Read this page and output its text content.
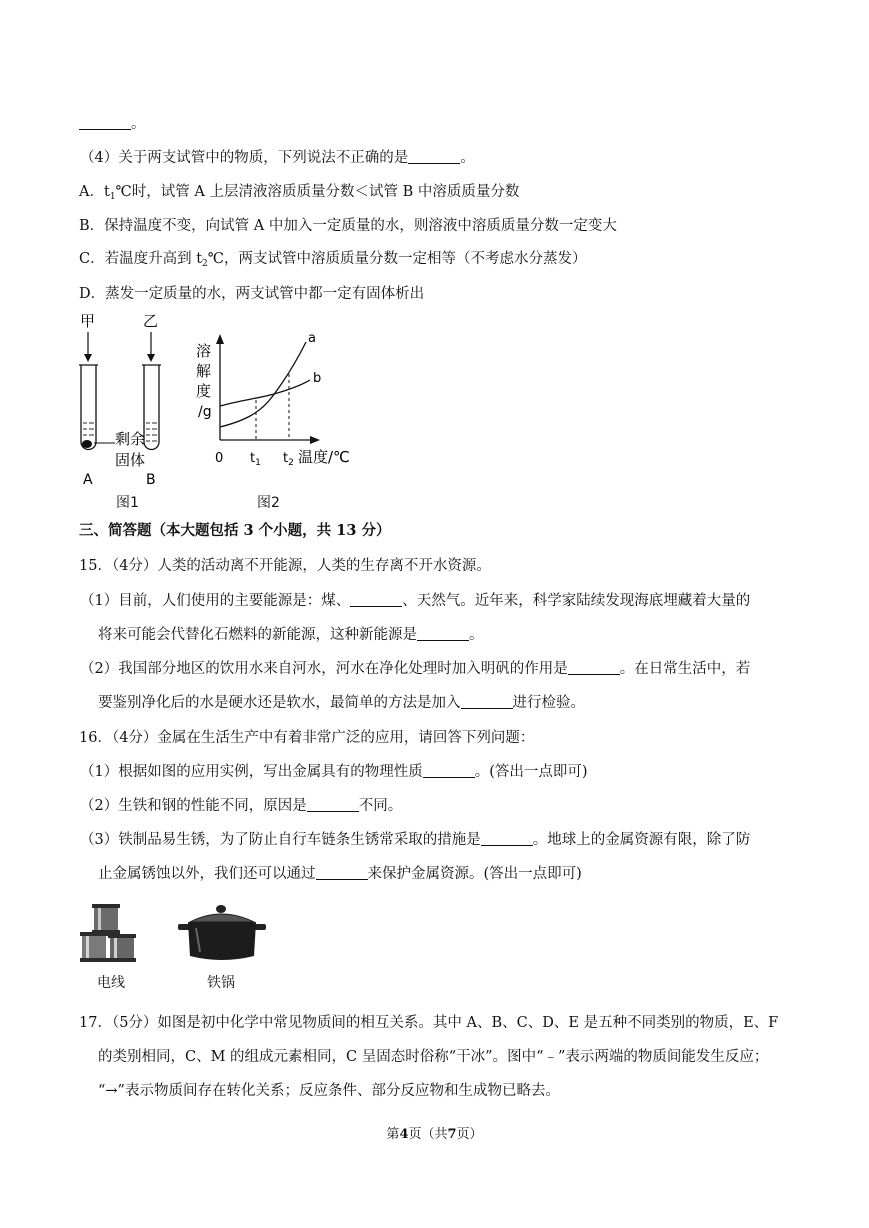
。
（4）关于两支试管中的物质，下列说法不正确的是	。
A．$t_1℃$时，试管 A 上层清液溶质质量分数＜试管 B 中溶质质量分数
B．保持温度不变，向试管 A 中加入一定质量的水，则溶液中溶质质量分数一定变大
C．若温度升高到 $t_2℃$，两支试管中溶质质量分数一定相等（不考虑水分蒸发）
D．蒸发一定质量的水，两支试管中都一定有固体析出
甲	乙
剩余
固体
A	B
图1
溶
解
度
/g
a
b
0 $t_1$ $t_2$ 温度/℃
图2
三、简答题（本大题包括 3 个小题，共 13 分）
15．（4分）人类的活动离不开能源，人类的生存离不开水资源。
（1）目前，人们使用的主要能源是：煤、	、天然气。近年来，科学家陆续发现海底埋藏着大量的
将来可能会代替化石燃料的新能源，这种新能源是	。
（2）我国部分地区的饮用水来自河水，河水在净化处理时加入明矾的作用是	。在日常生活中，若
要鉴别净化后的水是硬水还是软水，最简单的方法是加入	进行检验。
16．（4分）金属在生活生产中有着非常广泛的应用，请回答下列问题：
（1）根据如图的应用实例，写出金属具有的物理性质	。(答出一点即可)
（2）生铁和钢的性能不同，原因是	不同。
（3）铁制品易生锈，为了防止自行车链条生锈常采取的措施是	。地球上的金属资源有限，除了防
止金属锈蚀以外，我们还可以通过	来保护金属资源。(答出一点即可)
电线	铁锅
17．（5分）如图是初中化学中常见物质间的相互关系。其中 A、B、C、D、E 是五种不同类别的物质，E、F
的类别相同，C、M 的组成元素相同，C 呈固态时俗称“干冰”。图中“﹣”表示两端的物质间能发生反应；
“→”表示物质间存在转化关系；反应条件、部分反应物和生成物已略去。
第4页（共7页）
